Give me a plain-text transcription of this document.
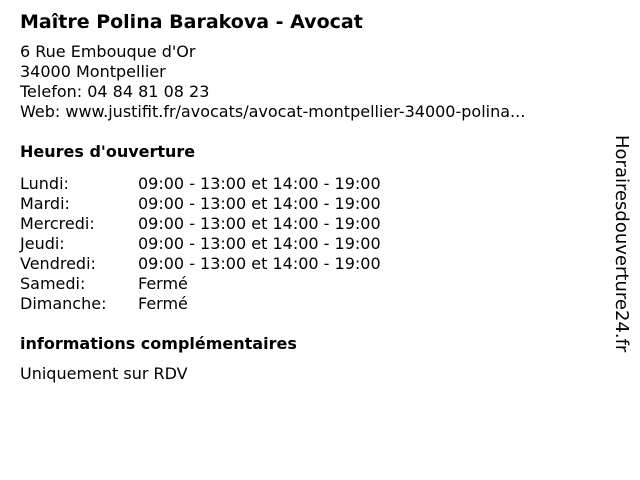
Maître Polina Barakova - Avocat
6 Rue Embouque d'Or
34000 Montpellier
Telefon: 04 84 81 08 23
Web: www.justifit.fr/avocats/avocat-montpellier-34000-polina...
Heures d'ouverture
Lundi:	09:00 - 13:00 et 14:00 - 19:00
Mardi:	09:00 - 13:00 et 14:00 - 19:00
Mercredi:	09:00 - 13:00 et 14:00 - 19:00
Jeudi:	09:00 - 13:00 et 14:00 - 19:00
Vendredi:	09:00 - 13:00 et 14:00 - 19:00
Samedi:	Fermé
Dimanche:	Fermé
informations complémentaires
Uniquement sur RDV
Horairesdouverture24.fr
